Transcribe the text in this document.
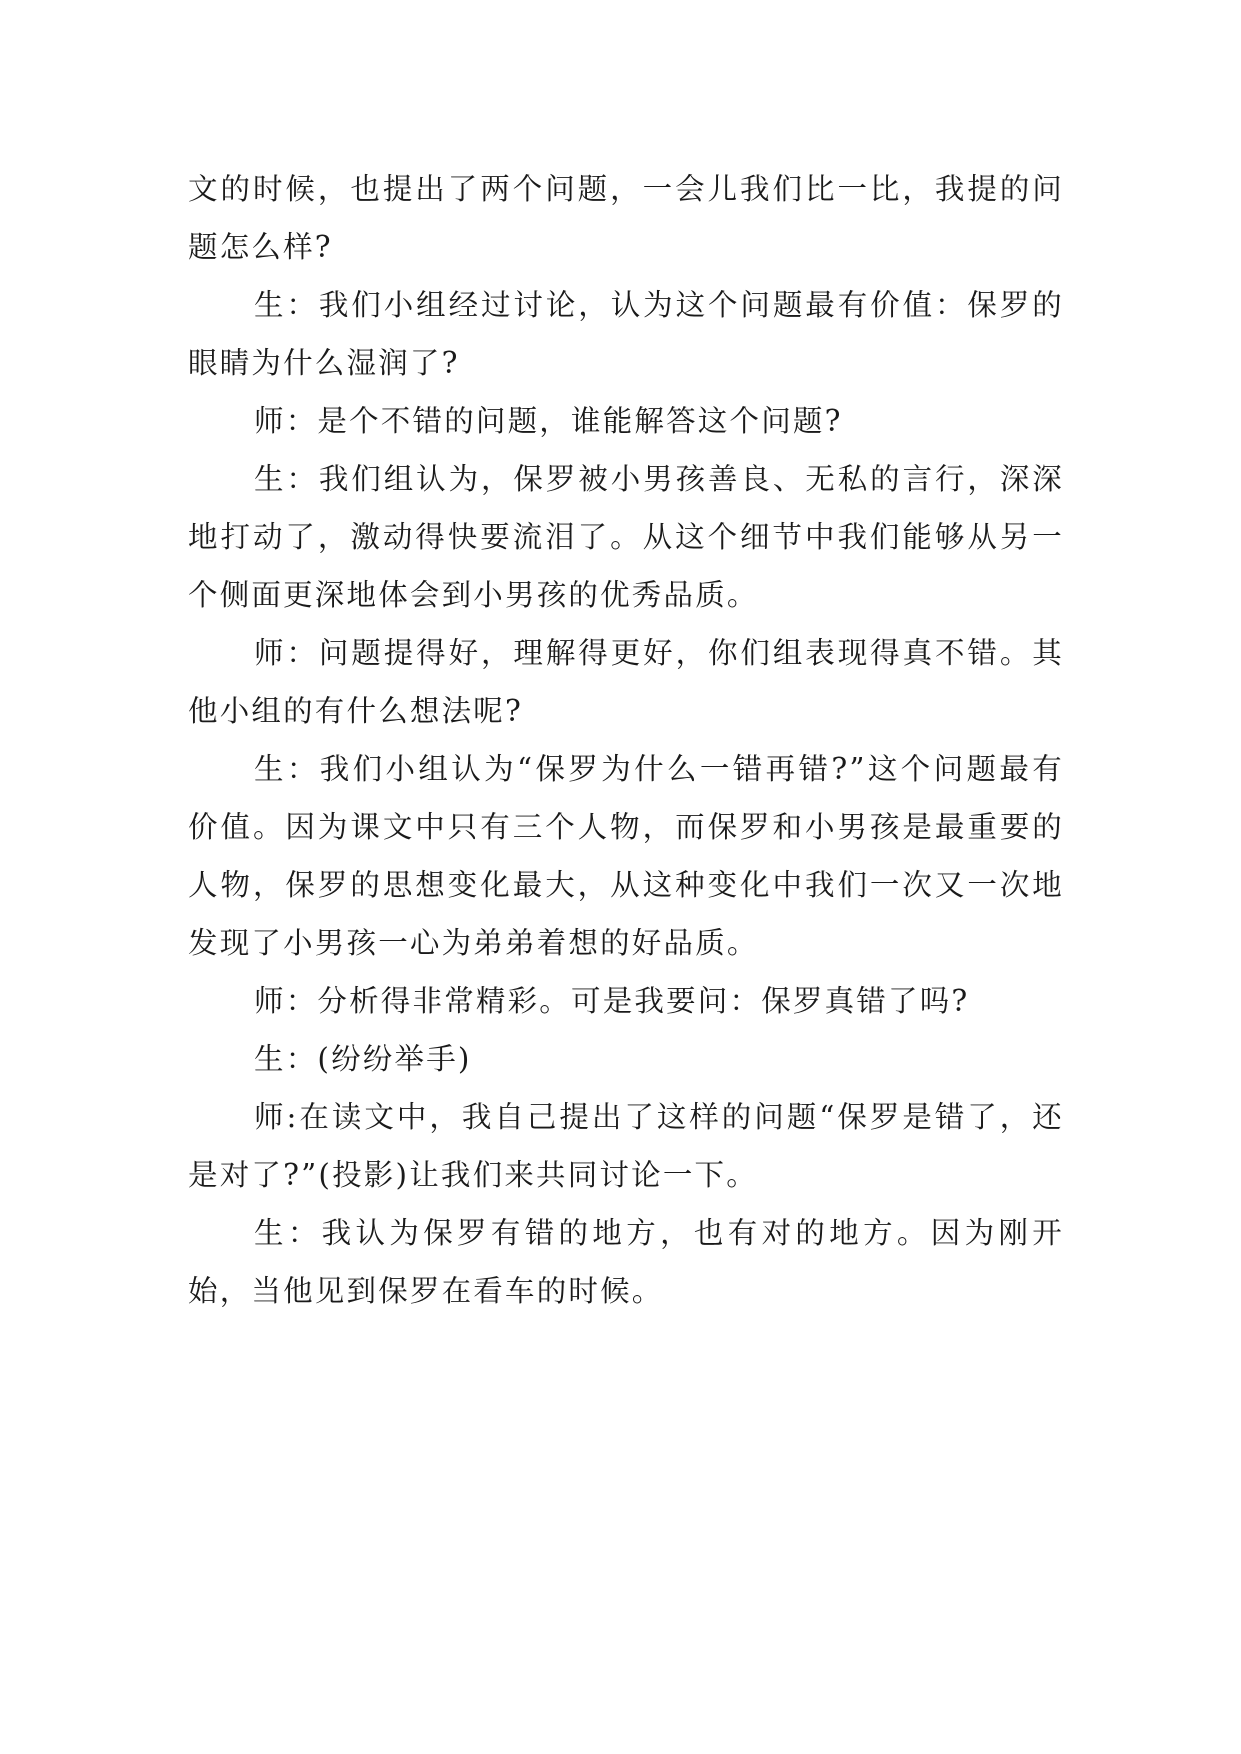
文的时候，也提出了两个问题，一会儿我们比一比，我提的问题怎么样?

生：我们小组经过讨论，认为这个问题最有价值：保罗的眼睛为什么湿润了?

师：是个不错的问题，谁能解答这个问题?

生：我们组认为，保罗被小男孩善良、无私的言行，深深地打动了，激动得快要流泪了。从这个细节中我们能够从另一个侧面更深地体会到小男孩的优秀品质。

师：问题提得好，理解得更好，你们组表现得真不错。其他小组的有什么想法呢?

生：我们小组认为“保罗为什么一错再错?”这个问题最有价值。因为课文中只有三个人物，而保罗和小男孩是最重要的人物，保罗的思想变化最大，从这种变化中我们一次又一次地发现了小男孩一心为弟弟着想的好品质。

师：分析得非常精彩。可是我要问：保罗真错了吗?

生：(纷纷举手)

师:在读文中，我自己提出了这样的问题“保罗是错了，还是对了?”(投影)让我们来共同讨论一下。

生：我认为保罗有错的地方，也有对的地方。因为刚开始，当他见到保罗在看车的时候。
